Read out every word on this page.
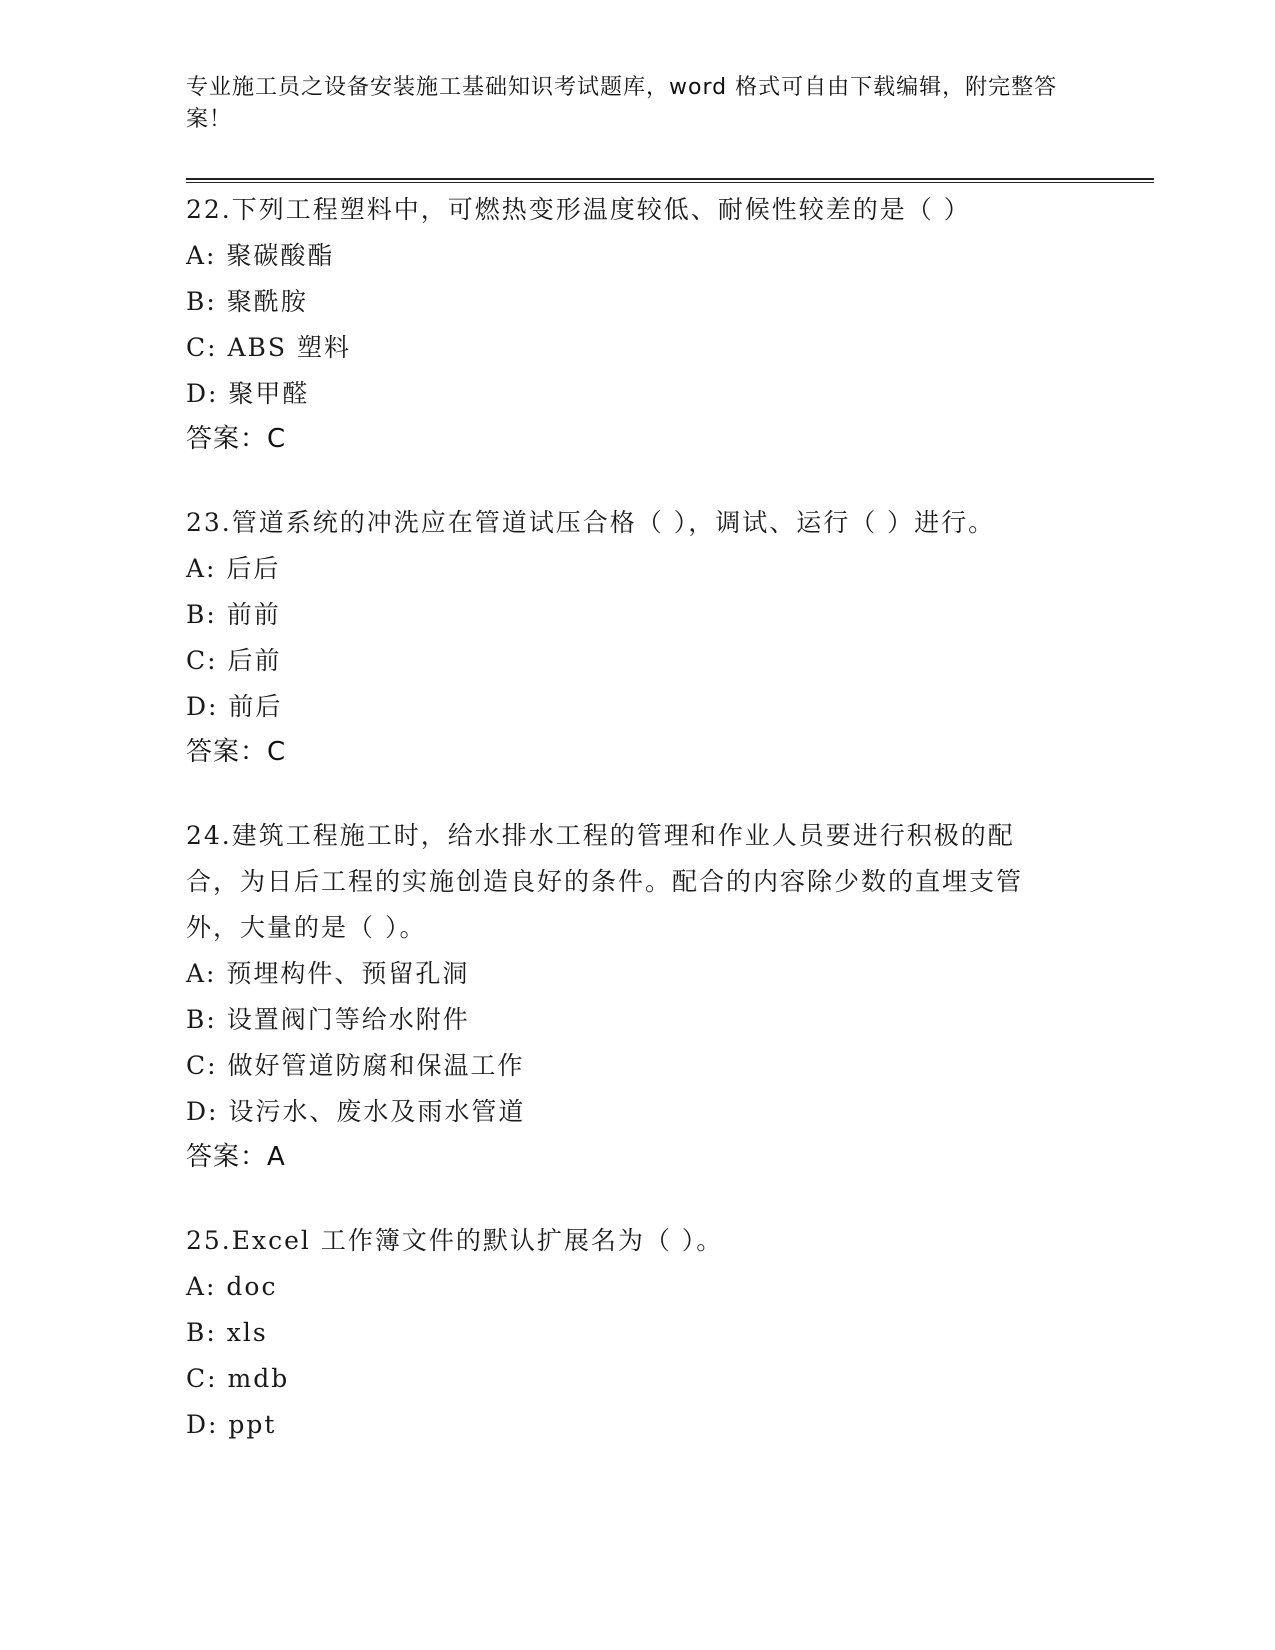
专业施工员之设备安装施工基础知识考试题库，word 格式可自由下载编辑，附完整答案！
22.下列工程塑料中，可燃热变形温度较低、耐候性较差的是（ ）
A: 聚碳酸酯
B: 聚酰胺
C: ABS 塑料
D: 聚甲醛
答案：C
23.管道系统的冲洗应在管道试压合格（ ），调试、运行（ ）进行。
A: 后后
B: 前前
C: 后前
D: 前后
答案：C
24.建筑工程施工时，给水排水工程的管理和作业人员要进行积极的配合，为日后工程的实施创造良好的条件。配合的内容除少数的直埋支管外，大量的是（ ）。
A: 预埋构件、预留孔洞
B: 设置阀门等给水附件
C: 做好管道防腐和保温工作
D: 设污水、废水及雨水管道
答案：A
25.Excel 工作簿文件的默认扩展名为（ ）。
A: doc
B: xls
C: mdb
D: ppt
